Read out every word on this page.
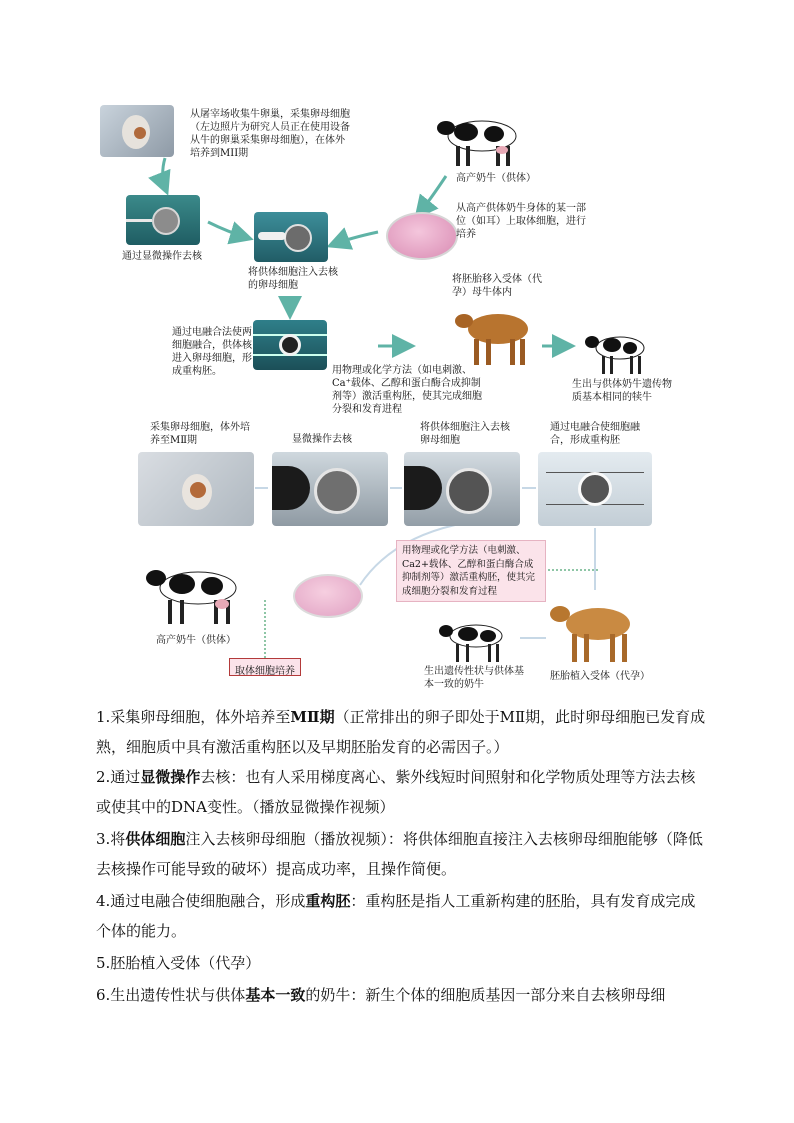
从屠宰场收集牛卵巢，采集卵母细胞（左边照片为研究人员正在使用设备从牛的卵巢采集卵母细胞），在体外培养到MII期
高产奶牛（供体）
通过显微操作去核
将供体细胞注入去核的卵母细胞
从高产供体奶牛身体的某一部位（如耳）上取体细胞，进行培养
通过电融合法使两细胞融合，供体核进入卵母细胞，形成重构胚。
将胚胎移入受体（代孕）母牛体内
用物理或化学方法（如电刺激、Ca⁺载体、乙醇和蛋白酶合成抑制剂等）激活重构胚，使其完成细胞分裂和发育进程
生出与供体奶牛遗传物质基本相同的犊牛
采集卵母细胞，体外培养至MⅡ期	显微操作去核
将供体细胞注入去核卵母细胞
通过电融合使细胞融合，形成重构胚
用物理或化学方法（电刺激、Ca2+载体、乙醇和蛋白酶合成抑制剂等）激活重构胚，使其完成细胞分裂和发育过程
高产奶牛（供体）
取体细胞培养	生出遗传性状与供体基本一致的奶牛
胚胎植入受体（代孕）
1.采集卵母细胞，体外培养至MⅡ期（正常排出的卵子即处于MⅡ期，此时卵母细胞已发育成熟，细胞质中具有激活重构胚以及早期胚胎发育的必需因子。）
2.通过显微操作去核：也有人采用梯度离心、紫外线短时间照射和化学物质处理等方法去核或使其中的DNA变性。（播放显微操作视频）
3.将供体细胞注入去核卵母细胞（播放视频）：将供体细胞直接注入去核卵母细胞能够（降低去核操作可能导致的破坏）提高成功率，且操作简便。
4.通过电融合使细胞融合，形成重构胚：重构胚是指人工重新构建的胚胎，具有发育成完成个体的能力。
5.胚胎植入受体（代孕）
6.生出遗传性状与供体基本一致的奶牛：新生个体的细胞质基因一部分来自去核卵母细
